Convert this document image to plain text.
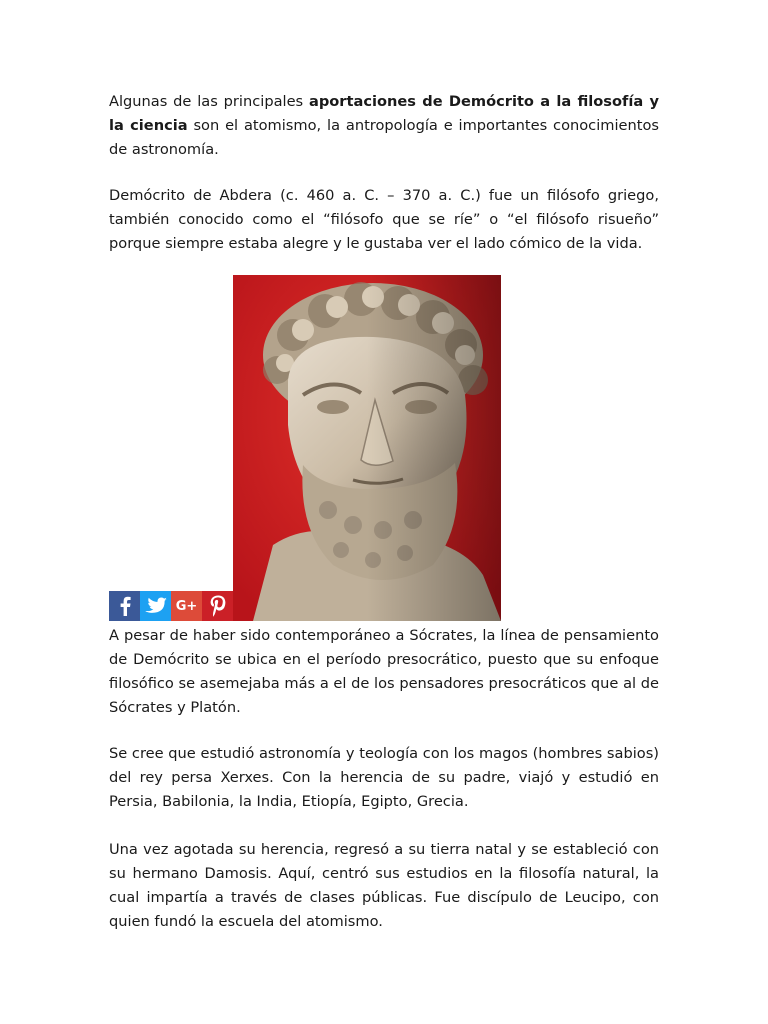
Algunas de las principales aportaciones de Demócrito a la filosofía y la ciencia son el atomismo, la antropología e importantes conocimientos de astronomía.

Demócrito de Abdera (c. 460 a. C. – 370 a. C.) fue un filósofo griego, también conocido como el “filósofo que se ríe” o “el filósofo risueño” porque siempre estaba alegre y le gustaba ver el lado cómico de la vida.

G+

A pesar de haber sido contemporáneo a Sócrates, la línea de pensamiento de Demócrito se ubica en el período presocrático, puesto que su enfoque filosófico se asemejaba más a el de los pensadores presocráticos que al de Sócrates y Platón.

Se cree que estudió astronomía y teología con los magos (hombres sabios) del rey persa Xerxes. Con la herencia de su padre, viajó y estudió en Persia, Babilonia, la India, Etiopía, Egipto, Grecia.

Una vez agotada su herencia, regresó a su tierra natal y se estableció con su hermano Damosis. Aquí, centró sus estudios en la filosofía natural, la cual impartía a través de clases públicas. Fue discípulo de Leucipo, con quien fundó la escuela del atomismo.
